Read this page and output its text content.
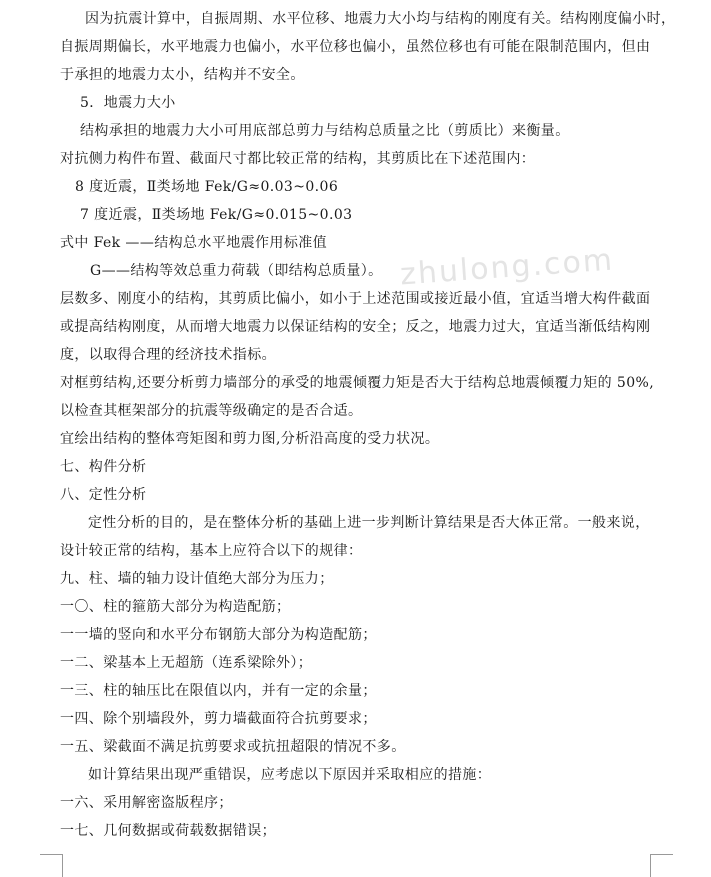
zhulong.com
因为抗震计算中，自振周期、水平位移、地震力大小均与结构的刚度有关。结构刚度偏小时，
自振周期偏长，水平地震力也偏小，水平位移也偏小，虽然位移也有可能在限制范围内，但由
于承担的地震力太小，结构并不安全。
5．地震力大小
结构承担的地震力大小可用底部总剪力与结构总质量之比（剪质比）来衡量。
对抗侧力构件布置、截面尺寸都比较正常的结构，其剪质比在下述范围内：
8 度近震，Ⅱ类场地 Fek/G≈0.03~0.06
7 度近震，Ⅱ类场地 Fek/G≈0.015~0.03
式中 Fek ——结构总水平地震作用标准值
G——结构等效总重力荷载（即结构总质量）。
层数多、刚度小的结构，其剪质比偏小，如小于上述范围或接近最小值，宜适当增大构件截面
或提高结构刚度，从而增大地震力以保证结构的安全；反之，地震力过大，宜适当渐低结构刚
度，以取得合理的经济技术指标。
对框剪结构,还要分析剪力墙部分的承受的地震倾覆力矩是否大于结构总地震倾覆力矩的 50%,
以检查其框架部分的抗震等级确定的是否合适。
宜绘出结构的整体弯矩图和剪力图,分析沿高度的受力状况。
七、构件分析
八、定性分析
定性分析的目的，是在整体分析的基础上进一步判断计算结果是否大体正常。一般来说，
设计较正常的结构，基本上应符合以下的规律：
九、柱、墙的轴力设计值绝大部分为压力；
一〇、柱的箍筋大部分为构造配筋；
一一墙的竖向和水平分布钢筋大部分为构造配筋；
一二、梁基本上无超筋（连系梁除外）；
一三、柱的轴压比在限值以内，并有一定的余量；
一四、除个别墙段外，剪力墙截面符合抗剪要求；
一五、梁截面不满足抗剪要求或抗扭超限的情况不多。
如计算结果出现严重错误，应考虑以下原因并采取相应的措施：
一六、采用解密盗版程序；
一七、几何数据或荷载数据错误；
